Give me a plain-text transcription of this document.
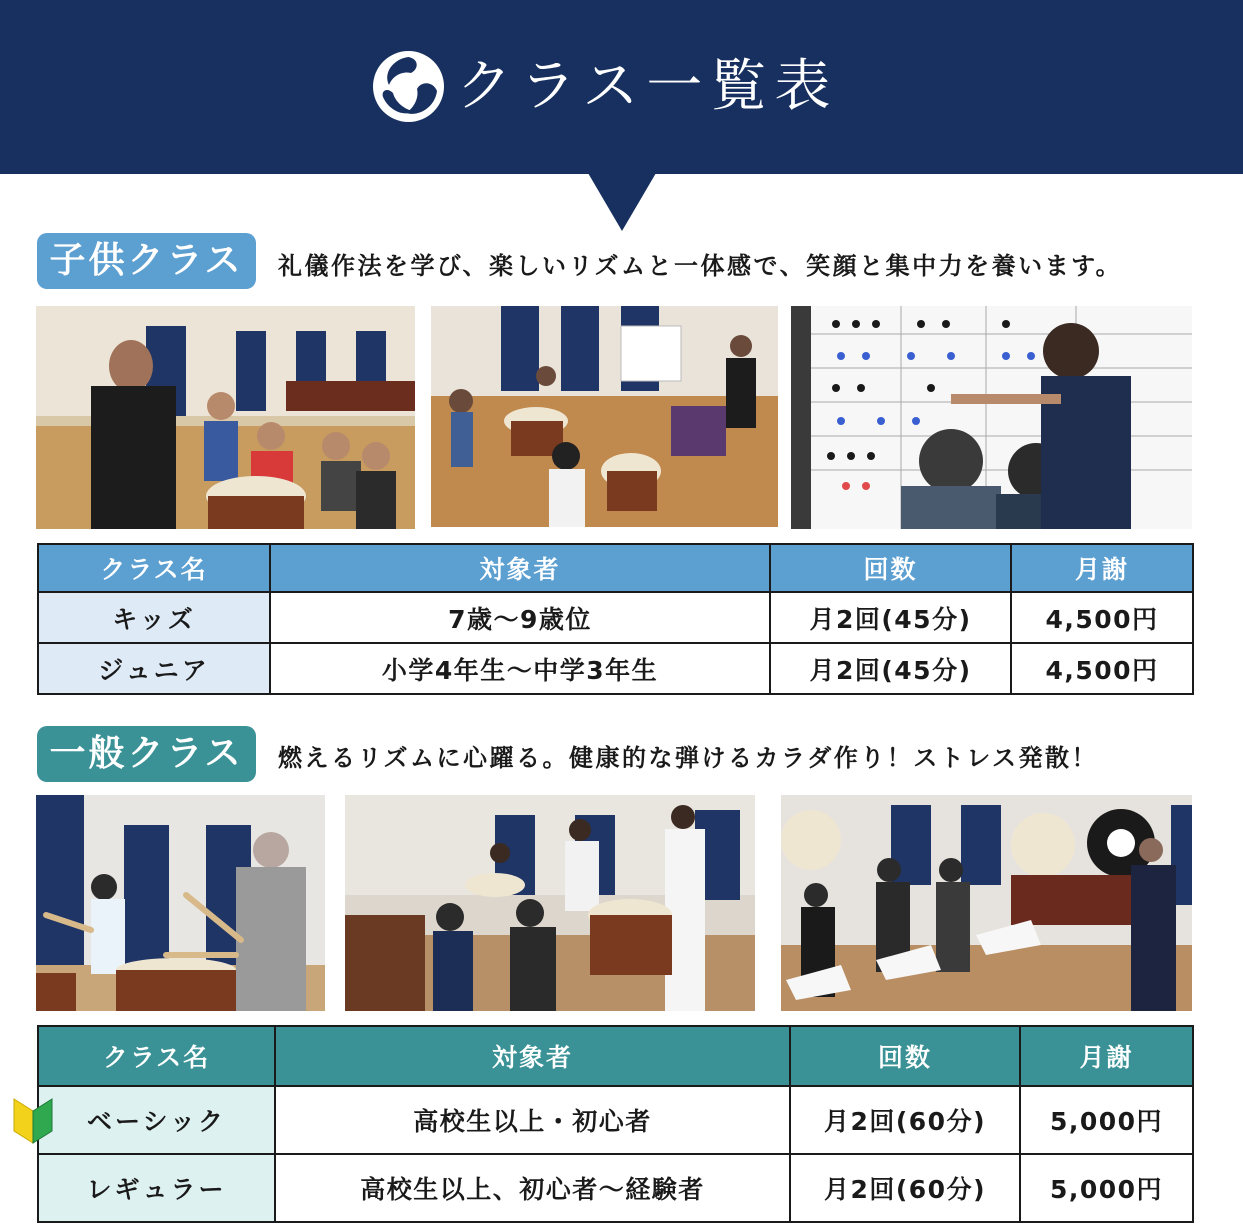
クラス一覧表
子供クラス	礼儀作法を学び、楽しいリズムと一体感で、笑顔と集中力を養います。
クラス名	対象者	回数	月謝
キッズ	7歳～9歳位	月2回(45分)	4,500円
ジュニア	小学4年生～中学3年生	月2回(45分)	4,500円
一般クラス	燃えるリズムに心躍る。健康的な弾けるカラダ作り！ストレス発散！
クラス名	対象者	回数	月謝
ベーシック	高校生以上・初心者	月2回(60分)	5,000円
レギュラー	高校生以上、初心者～経験者	月2回(60分)	5,000円
